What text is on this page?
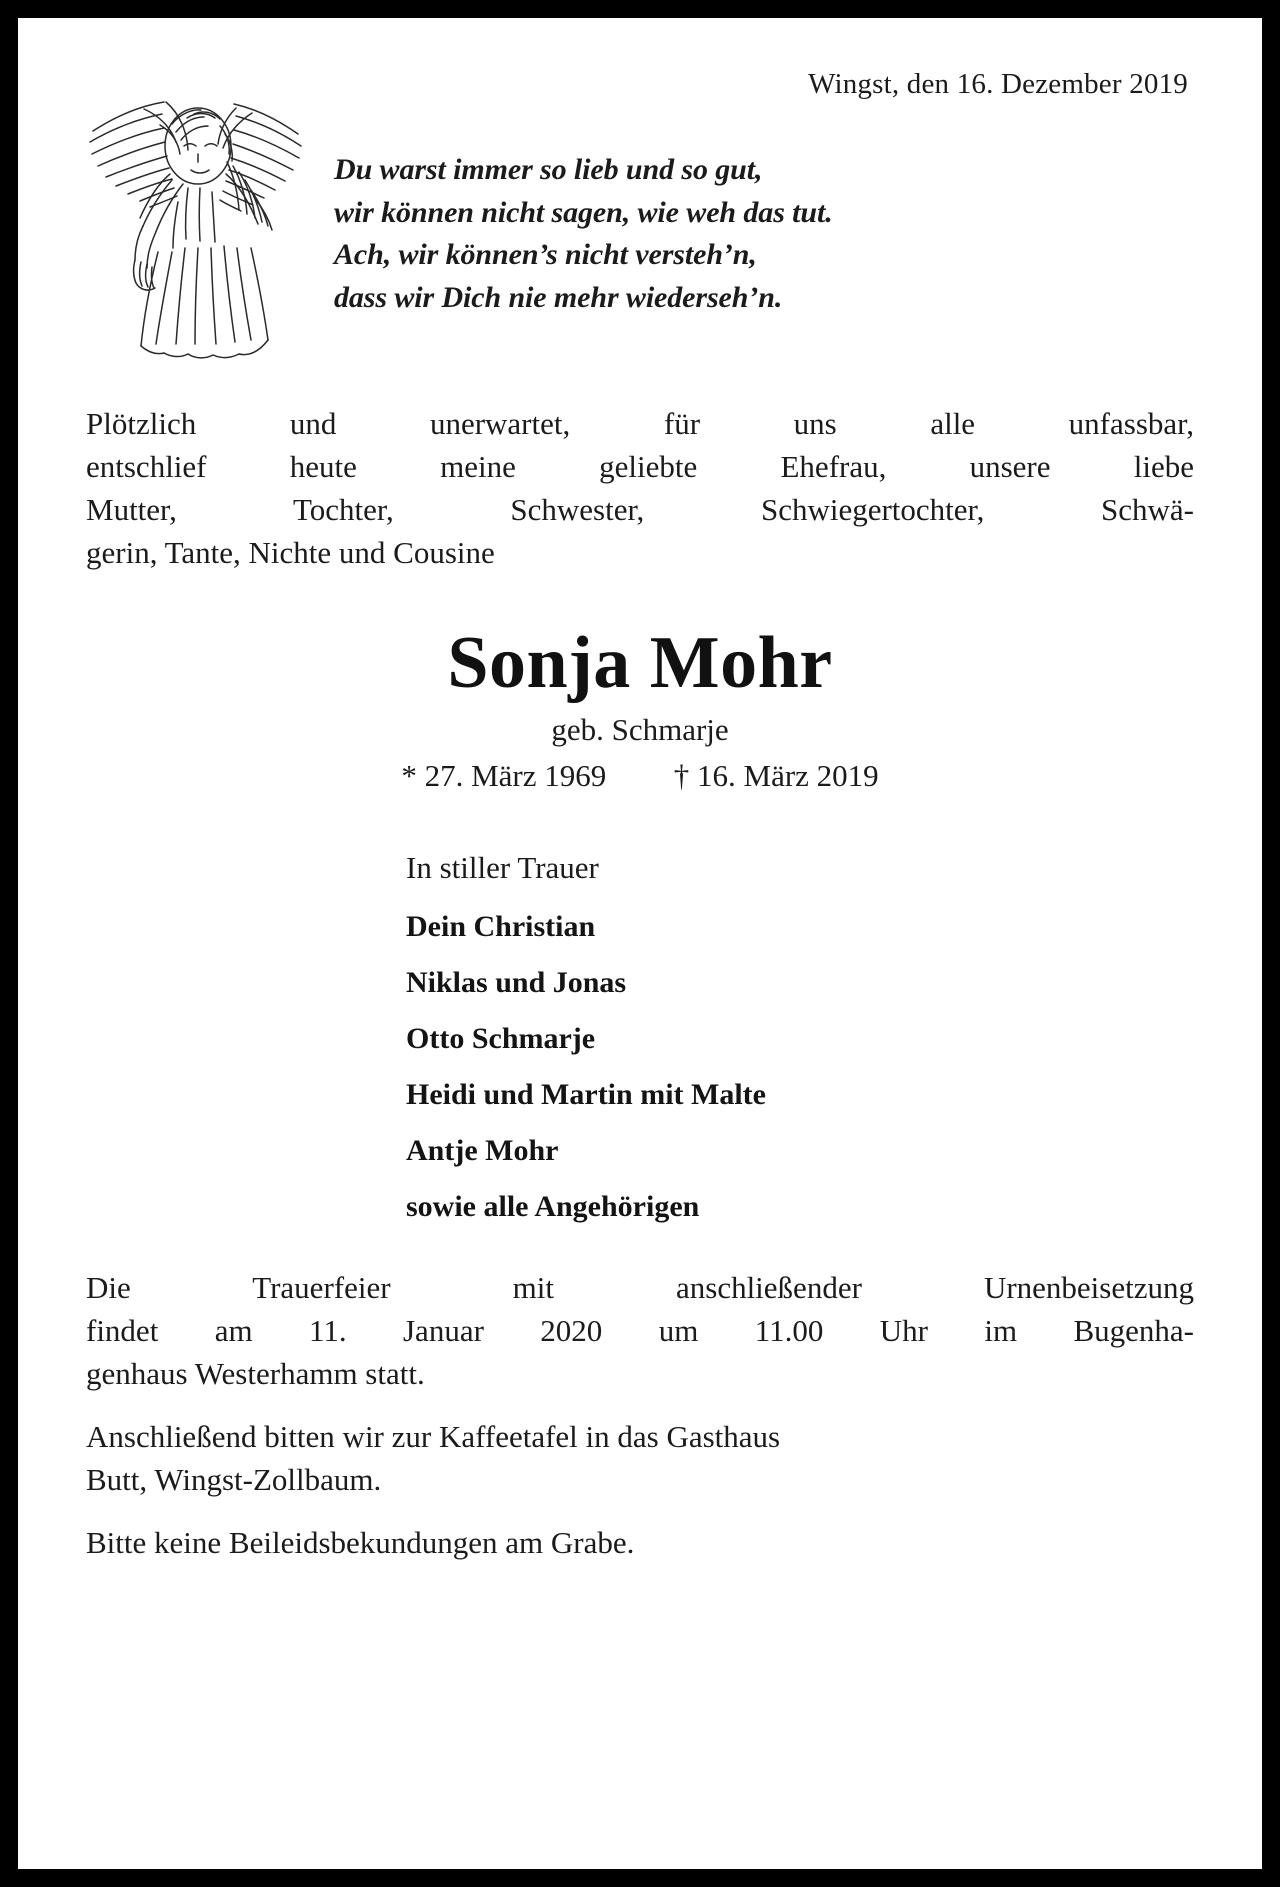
Wingst, den 16. Dezember 2019
Du warst immer so lieb und so gut,
wir können nicht sagen, wie weh das tut.
Ach, wir können’s nicht versteh’n,
dass wir Dich nie mehr wiederseh’n.
Plötzlich und unerwartet, für uns alle unfassbar,
entschlief heute meine geliebte Ehefrau, unsere liebe
Mutter, Tochter, Schwester, Schwiegertochter, Schwä-
gerin, Tante, Nichte und Cousine
Sonja Mohr
geb. Schmarje
* 27. März 1969 † 16. März 2019
In stiller Trauer
Dein Christian
Niklas und Jonas
Otto Schmarje
Heidi und Martin mit Malte
Antje Mohr
sowie alle Angehörigen

Die Trauerfeier mit anschließender Urnenbeisetzung
findet am 11. Januar 2020 um 11.00 Uhr im Bugenha-
genhaus Westerhamm statt.

Anschließend bitten wir zur Kaffeetafel in das Gasthaus
Butt, Wingst-Zollbaum.

Bitte keine Beileidsbekundungen am Grabe.
